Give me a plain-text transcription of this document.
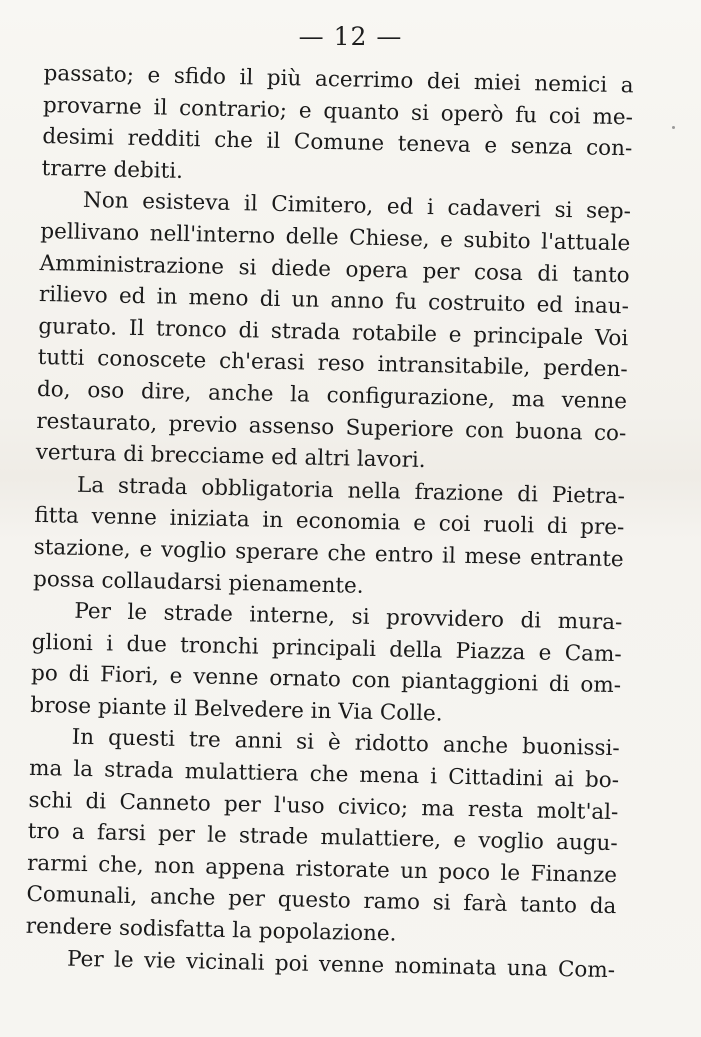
— 12 —
passato; e sfido il più acerrimo dei miei nemici a
provarne il contrario; e quanto si operò fu coi me-
desimi redditi che il Comune teneva e senza con-
trarre debiti.
Non esisteva il Cimitero, ed i cadaveri si sep-
pellivano nell'interno delle Chiese, e subito l'attuale
Amministrazione si diede opera per cosa di tanto
rilievo ed in meno di un anno fu costruito ed inau-
gurato. Il tronco di strada rotabile e principale Voi
tutti conoscete ch'erasi reso intransitabile, perden-
do, oso dire, anche la configurazione, ma venne
restaurato, previo assenso Superiore con buona co-
vertura di brecciame ed altri lavori.
La strada obbligatoria nella frazione di Pietra-
fitta venne iniziata in economia e coi ruoli di pre-
stazione, e voglio sperare che entro il mese entrante
possa collaudarsi pienamente.
Per le strade interne, si provvidero di mura-
glioni i due tronchi principali della Piazza e Cam-
po di Fiori, e venne ornato con piantaggioni di om-
brose piante il Belvedere in Via Colle.
In questi tre anni si è ridotto anche buonissi-
ma la strada mulattiera che mena i Cittadini ai bo-
schi di Canneto per l'uso civico; ma resta molt'al-
tro a farsi per le strade mulattiere, e voglio augu-
rarmi che, non appena ristorate un poco le Finanze
Comunali, anche per questo ramo si farà tanto da
rendere sodisfatta la popolazione.
Per le vie vicinali poi venne nominata una Com-
